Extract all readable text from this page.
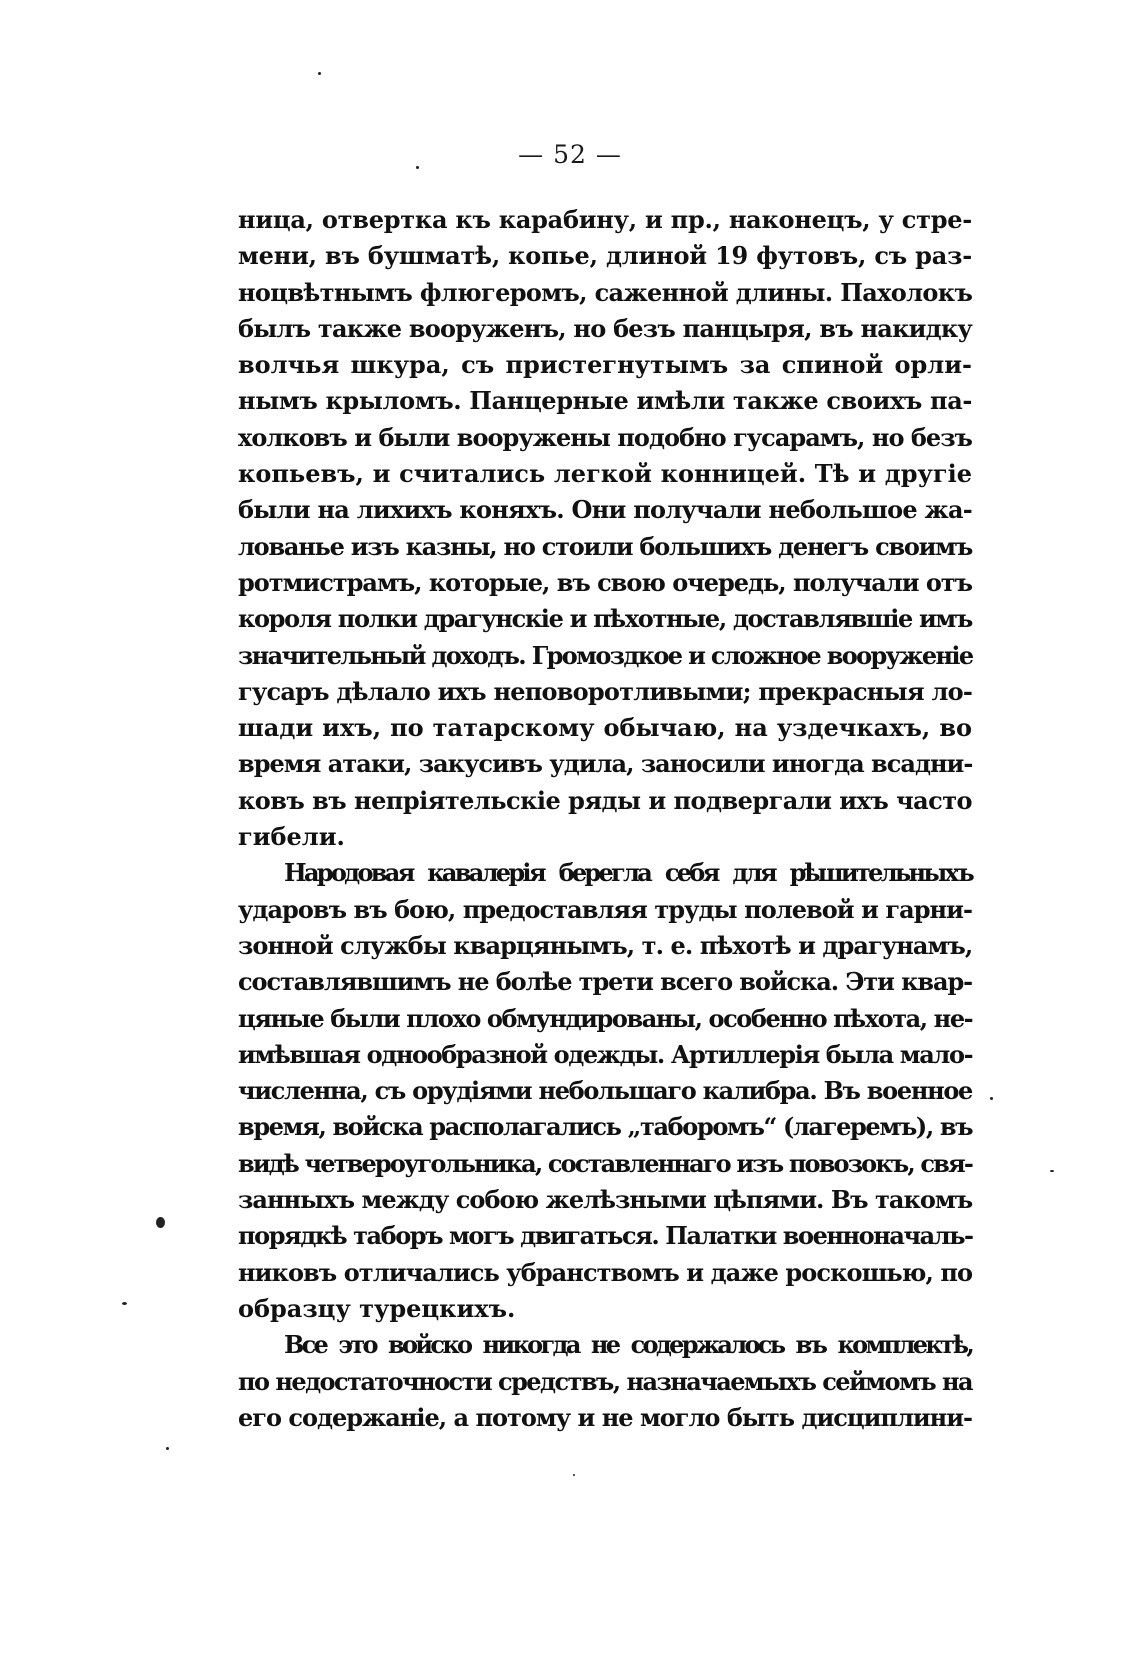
— 52 —
ница, отвертка къ карабину, и пр., наконецъ, у стре-
мени, въ бушматѣ, копье, длиной 19 футовъ, съ раз-
ноцвѣтнымъ флюгеромъ, саженной длины. Пахолокъ
былъ также вооруженъ, но безъ панцыря, въ накидку
волчья шкура, съ пристегнутымъ за спиной орли-
нымъ крыломъ. Панцерные имѣли также своихъ па-
холковъ и были вооружены подобно гусарамъ, но безъ
копьевъ, и считались легкой конницей. Тѣ и другіе
были на лихихъ коняхъ. Они получали небольшое жа-
лованье изъ казны, но стоили большихъ денегъ своимъ
ротмистрамъ, которые, въ свою очередь, получали отъ
короля полки драгунскіе и пѣхотные, доставлявшіе имъ
значительный доходъ. Громоздкое и сложное вооруженіе
гусаръ дѣлало ихъ неповоротливыми; прекрасныя ло-
шади ихъ, по татарскому обычаю, на уздечкахъ, во
время атаки, закусивъ удила, заносили иногда всадни-
ковъ въ непріятельскіе ряды и подвергали ихъ часто
гибели.
Народовая кавалерія берегла себя для рѣшительныхъ
ударовъ въ бою, предоставляя труды полевой и гарни-
зонной службы кварцянымъ, т. е. пѣхотѣ и драгунамъ,
составлявшимъ не болѣе трети всего войска. Эти квар-
цяные были плохо обмундированы, особенно пѣхота, не-
имѣвшая однообразной одежды. Артиллерія была мало-
численна, съ орудіями небольшаго калибра. Въ военное
время, войска располагались „таборомъ“ (лагеремъ), въ
видѣ четвероугольника, составленнаго изъ повозокъ, свя-
занныхъ между собою желѣзными цѣпями. Въ такомъ
порядкѣ таборъ могъ двигаться. Палатки военноначаль-
никовъ отличались убранствомъ и даже роскошью, по
образцу турецкихъ.
Все это войско никогда не содержалось въ комплектѣ,
по недостаточности средствъ, назначаемыхъ сеймомъ на
его содержаніе, а потому и не могло быть дисциплини-
